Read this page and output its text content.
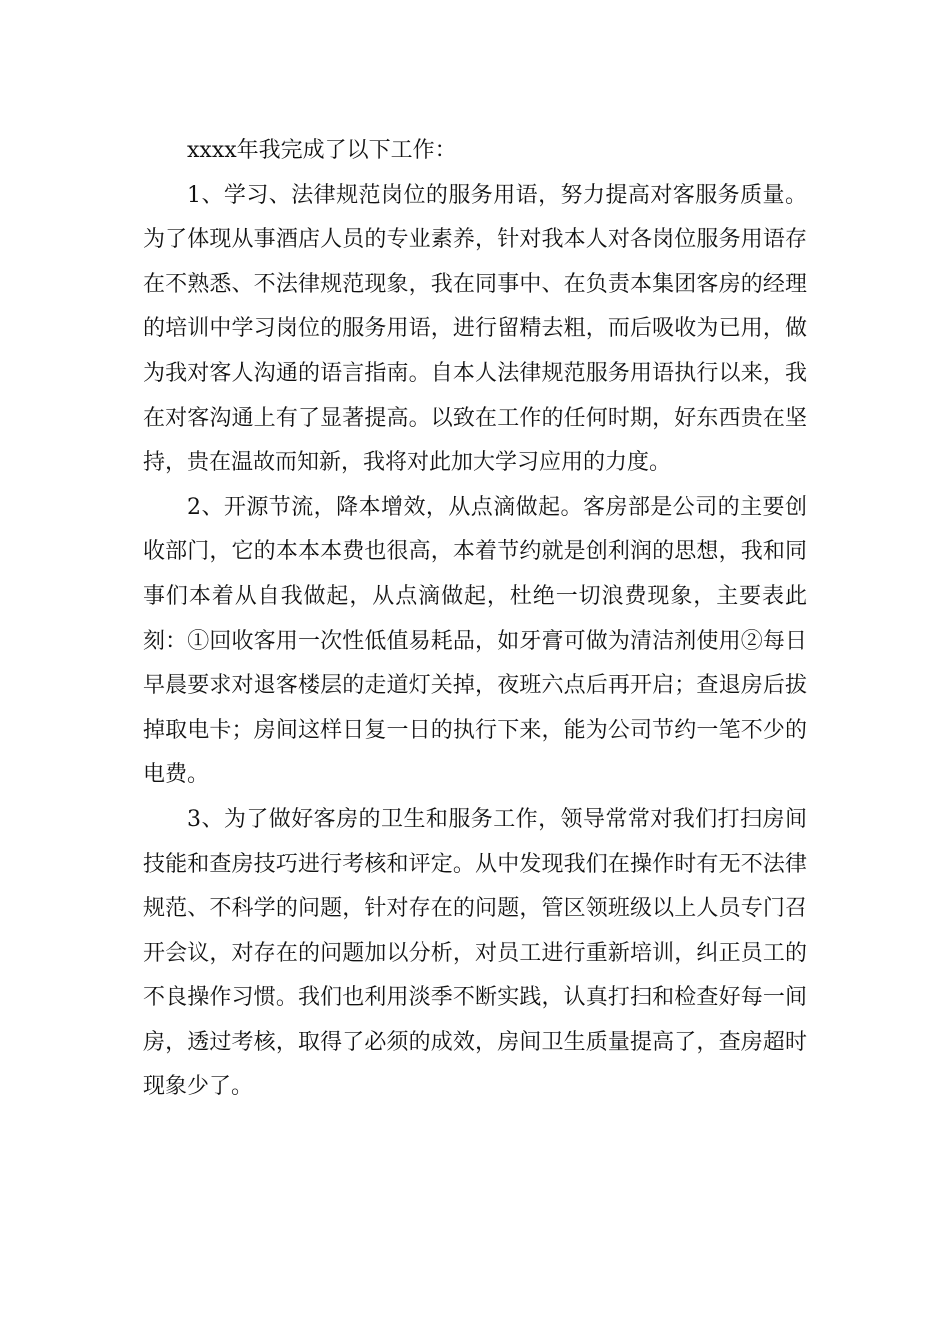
xxxx年我完成了以下工作：

1、学习、法律规范岗位的服务用语，努力提高对客服务质量。为了体现从事酒店人员的专业素养，针对我本人对各岗位服务用语存在不熟悉、不法律规范现象，我在同事中、在负责本集团客房的经理的培训中学习岗位的服务用语，进行留精去粗，而后吸收为已用，做为我对客人沟通的语言指南。自本人法律规范服务用语执行以来，我在对客沟通上有了显著提高。以致在工作的任何时期，好东西贵在坚持，贵在温故而知新，我将对此加大学习应用的力度。

2、开源节流，降本增效，从点滴做起。客房部是公司的主要创收部门，它的本本本费也很高，本着节约就是创利润的思想，我和同事们本着从自我做起，从点滴做起，杜绝一切浪费现象，主要表此刻：①回收客用一次性低值易耗品，如牙膏可做为清洁剂使用②每日早晨要求对退客楼层的走道灯关掉，夜班六点后再开启；查退房后拔掉取电卡；房间这样日复一日的执行下来，能为公司节约一笔不少的电费。

3、为了做好客房的卫生和服务工作，领导常常对我们打扫房间技能和查房技巧进行考核和评定。从中发现我们在操作时有无不法律规范、不科学的问题，针对存在的问题，管区领班级以上人员专门召开会议，对存在的问题加以分析，对员工进行重新培训，纠正员工的不良操作习惯。我们也利用淡季不断实践，认真打扫和检查好每一间房，透过考核，取得了必须的成效，房间卫生质量提高了，查房超时现象少了。
